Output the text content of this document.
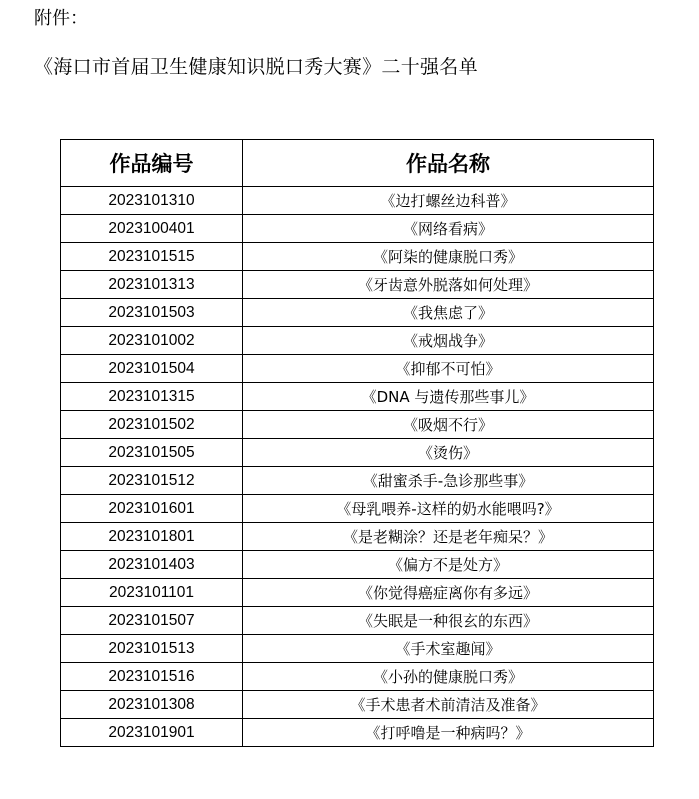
附件：
《海口市首届卫生健康知识脱口秀大赛》二十强名单
作品编号	作品名称
2023101310	《边打螺丝边科普》
2023100401	《网络看病》
2023101515	《阿柒的健康脱口秀》
2023101313	《牙齿意外脱落如何处理》
2023101503	《我焦虑了》
2023101002	《戒烟战争》
2023101504	《抑郁不可怕》
2023101315	《DNA 与遗传那些事儿》
2023101502	《吸烟不行》
2023101505	《烫伤》
2023101512	《甜蜜杀手-急诊那些事》
2023101601	《母乳喂养-这样的奶水能喂吗?》
2023101801	《是老糊涂？还是老年痴呆？》
2023101403	《偏方不是处方》
2023101101	《你觉得癌症离你有多远》
2023101507	《失眠是一种很玄的东西》
2023101513	《手术室趣闻》
2023101516	《小孙的健康脱口秀》
2023101308	《手术患者术前清洁及准备》
2023101901	《打呼噜是一种病吗？》
